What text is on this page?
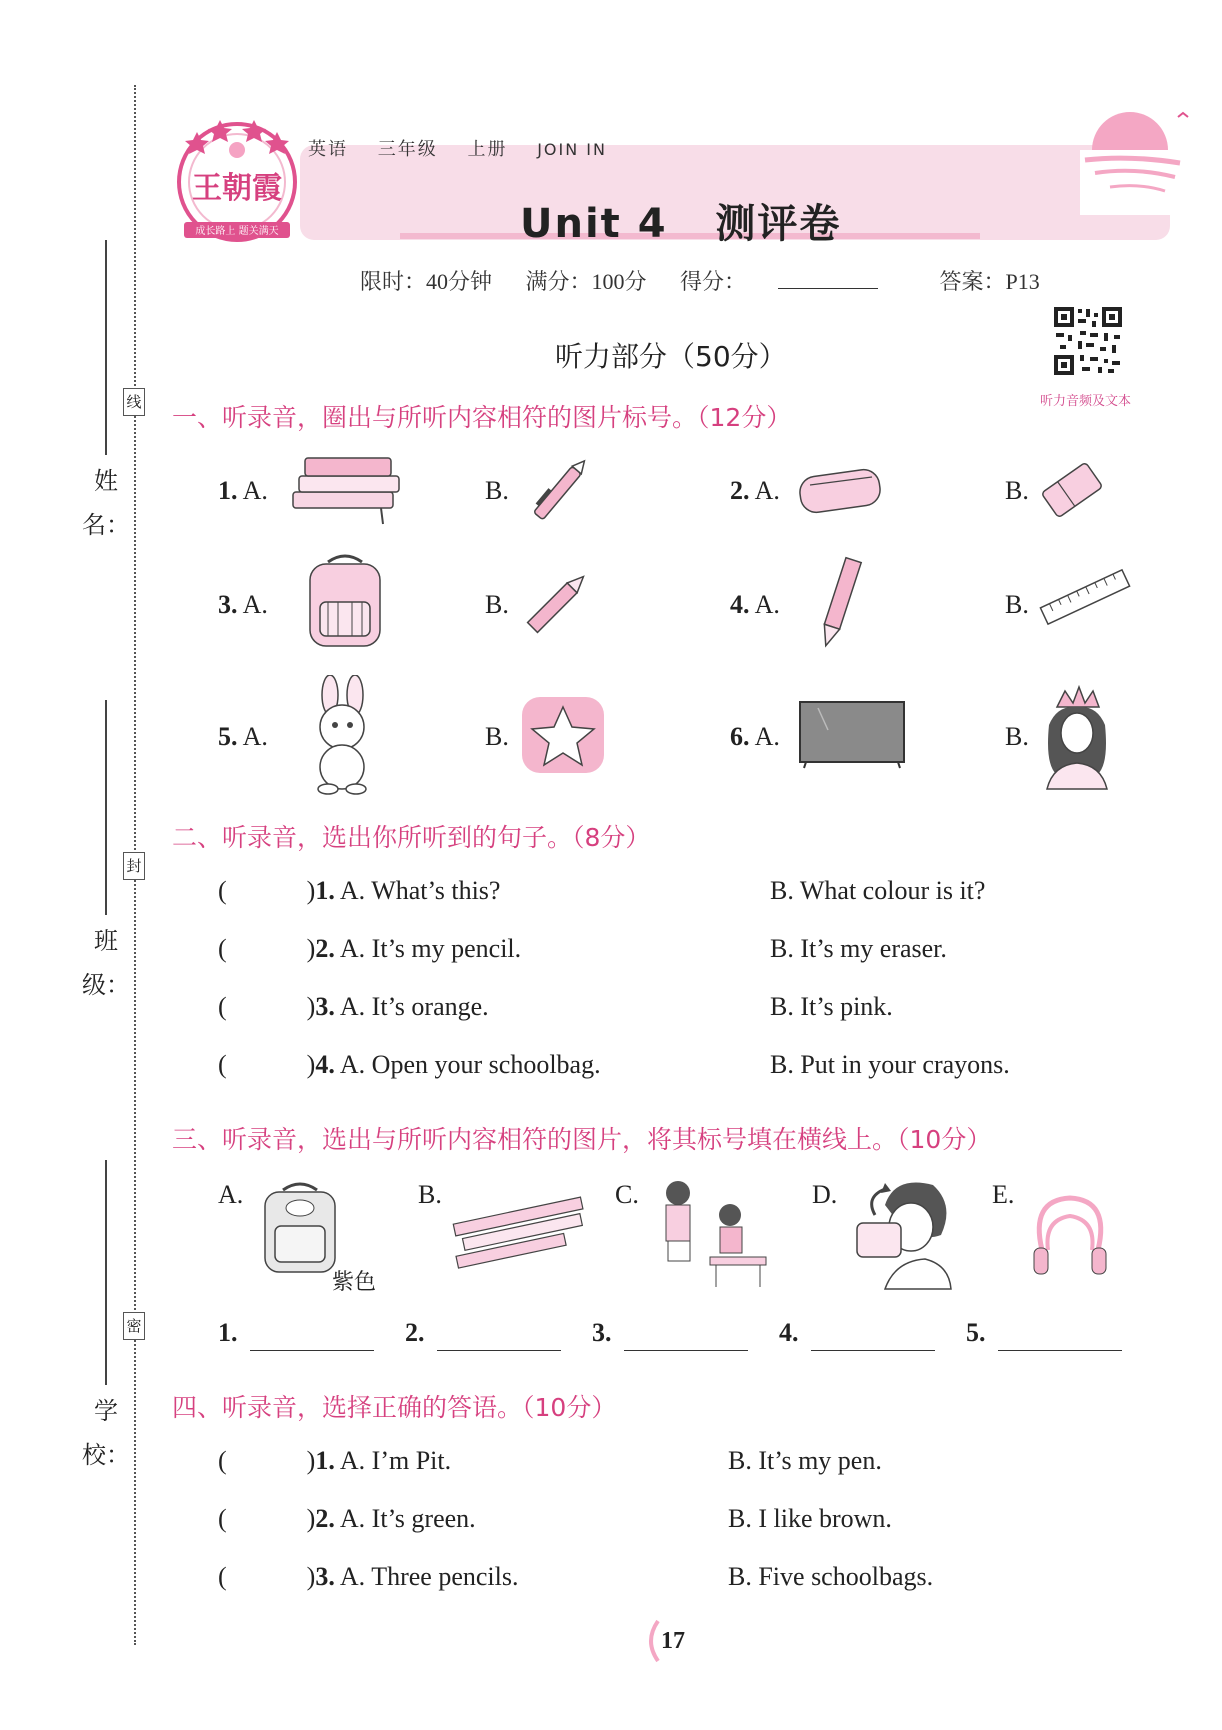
姓
名：
班
级：
学
校：
线
封
密
王朝霞
成长路上 题关满天
英语 三年级 上册 JOIN IN
Unit 4   测评卷
限时：40分钟 满分：100分 得分：	答案：P13
听力音频及文本
听力部分（50分）
一、听录音，圈出与所听内容相符的图片标号。（12分）
1. A.	B.	2. A.	B.
3. A.	B.	4. A.	B.
5. A.	B.	6. A.	B.
二、听录音，选出你所听到的句子。（8分）
(	)1. A. What’s this?	B. What colour is it?
(	)2. A. It’s my pencil.	B. It’s my eraser.
(	)3. A. It’s orange.	B. It’s pink.
(	)4. A. Open your schoolbag.	B. Put in your crayons.
三、听录音，选出与所听内容相符的图片，将其标号填在横线上。（10分）
A.
紫色
B.	C.	D.	E.
1.	2.	3.	4.	5.
四、听录音，选择正确的答语。（10分）
(	)1. A. I’m Pit.	B. It’s my pen.
(	)2. A. It’s green.	B. I like brown.
(	)3. A. Three pencils.	B. Five schoolbags.
17
